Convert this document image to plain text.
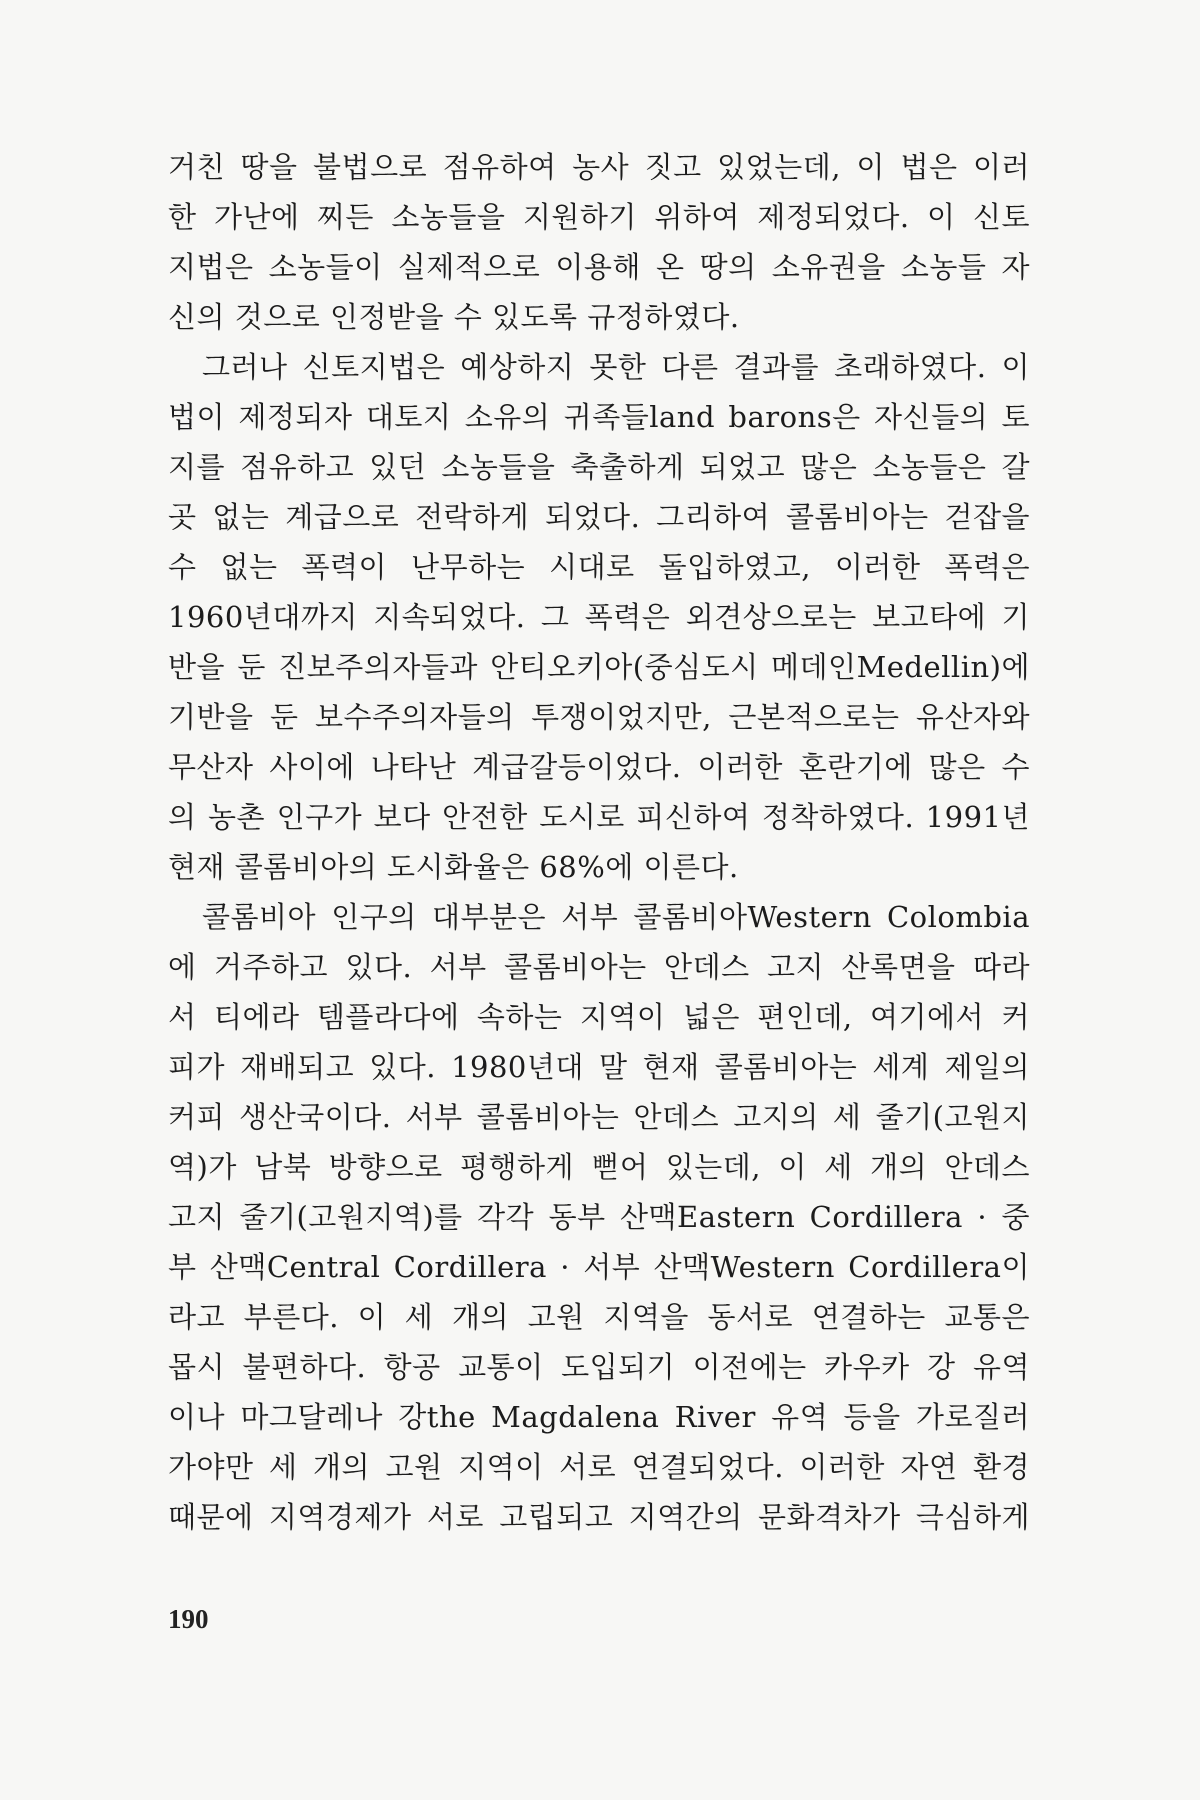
거친 땅을 불법으로 점유하여 농사 짓고 있었는데, 이 법은 이러
한 가난에 찌든 소농들을 지원하기 위하여 제정되었다. 이 신토
지법은 소농들이 실제적으로 이용해 온 땅의 소유권을 소농들 자
신의 것으로 인정받을 수 있도록 규정하였다.
그러나 신토지법은 예상하지 못한 다른 결과를 초래하였다. 이
법이 제정되자 대토지 소유의 귀족들land barons은 자신들의 토
지를 점유하고 있던 소농들을 축출하게 되었고 많은 소농들은 갈
곳 없는 계급으로 전락하게 되었다. 그리하여 콜롬비아는 걷잡을
수 없는 폭력이 난무하는 시대로 돌입하였고, 이러한 폭력은
1960년대까지 지속되었다. 그 폭력은 외견상으로는 보고타에 기
반을 둔 진보주의자들과 안티오키아(중심도시 메데인Medellin)에
기반을 둔 보수주의자들의 투쟁이었지만, 근본적으로는 유산자와
무산자 사이에 나타난 계급갈등이었다. 이러한 혼란기에 많은 수
의 농촌 인구가 보다 안전한 도시로 피신하여 정착하였다. 1991년
현재 콜롬비아의 도시화율은 68%에 이른다.
콜롬비아 인구의 대부분은 서부 콜롬비아Western Colombia
에 거주하고 있다. 서부 콜롬비아는 안데스 고지 산록면을 따라
서 티에라 템플라다에 속하는 지역이 넓은 편인데, 여기에서 커
피가 재배되고 있다. 1980년대 말 현재 콜롬비아는 세계 제일의
커피 생산국이다. 서부 콜롬비아는 안데스 고지의 세 줄기(고원지
역)가 남북 방향으로 평행하게 뻗어 있는데, 이 세 개의 안데스
고지 줄기(고원지역)를 각각 동부 산맥Eastern Cordillera · 중
부 산맥Central Cordillera · 서부 산맥Western Cordillera이
라고 부른다. 이 세 개의 고원 지역을 동서로 연결하는 교통은
몹시 불편하다. 항공 교통이 도입되기 이전에는 카우카 강 유역
이나 마그달레나 강the Magdalena River 유역 등을 가로질러
가야만 세 개의 고원 지역이 서로 연결되었다. 이러한 자연 환경
때문에 지역경제가 서로 고립되고 지역간의 문화격차가 극심하게
190
